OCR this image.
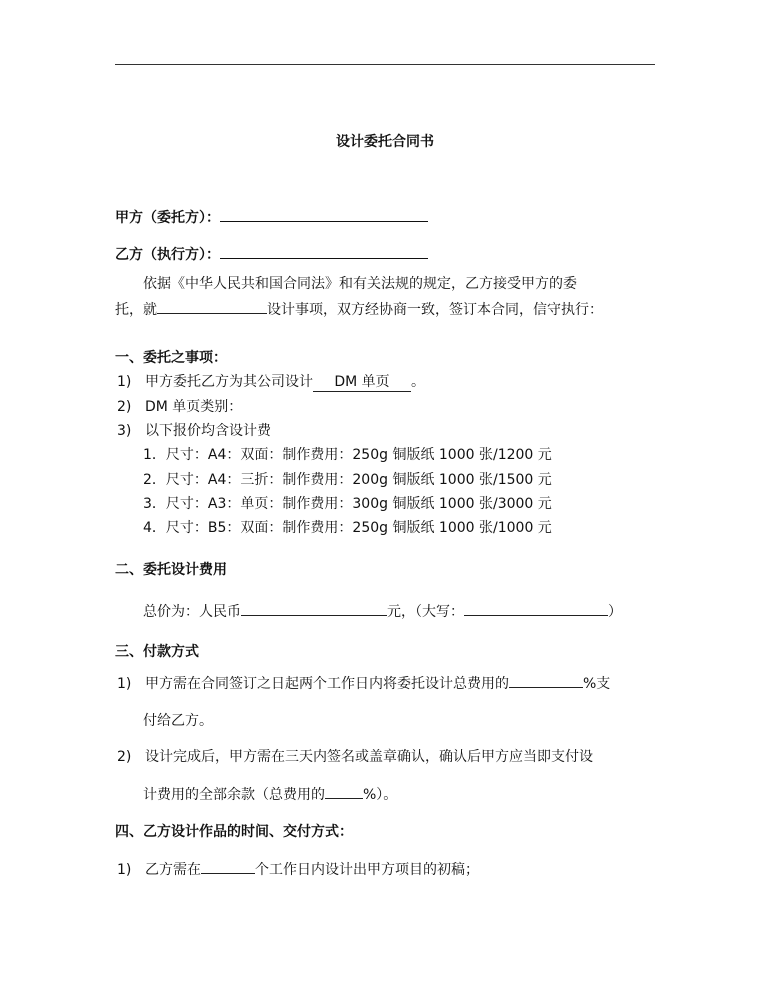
设计委托合同书
甲方（委托方）：
乙方（执行方）：
依据《中华人民共和国合同法》和有关法规的规定，乙方接受甲方的委
托，就	设计事项，双方经协商一致，签订本合同，信守执行：
一、委托之事项：
1) 甲方委托乙方为其公司设计 DM 单页 。
2) DM 单页类别：
3) 以下报价均含设计费
1．尺寸：A4：双面：制作费用：250g 铜版纸 1000 张/1200 元
2．尺寸：A4：三折：制作费用：200g 铜版纸 1000 张/1500 元
3．尺寸：A3：单页：制作费用：300g 铜版纸 1000 张/3000 元
4．尺寸：B5：双面：制作费用：250g 铜版纸 1000 张/1000 元
二、委托设计费用
总价为：人民币	元，（大写：	）
三、付款方式
1) 甲方需在合同签订之日起两个工作日内将委托设计总费用的	%支
付给乙方。
2) 设计完成后，甲方需在三天内签名或盖章确认，确认后甲方应当即支付设
计费用的全部余款（总费用的	%）。
四、乙方设计作品的时间、交付方式：
1) 乙方需在	个工作日内设计出甲方项目的初稿；
